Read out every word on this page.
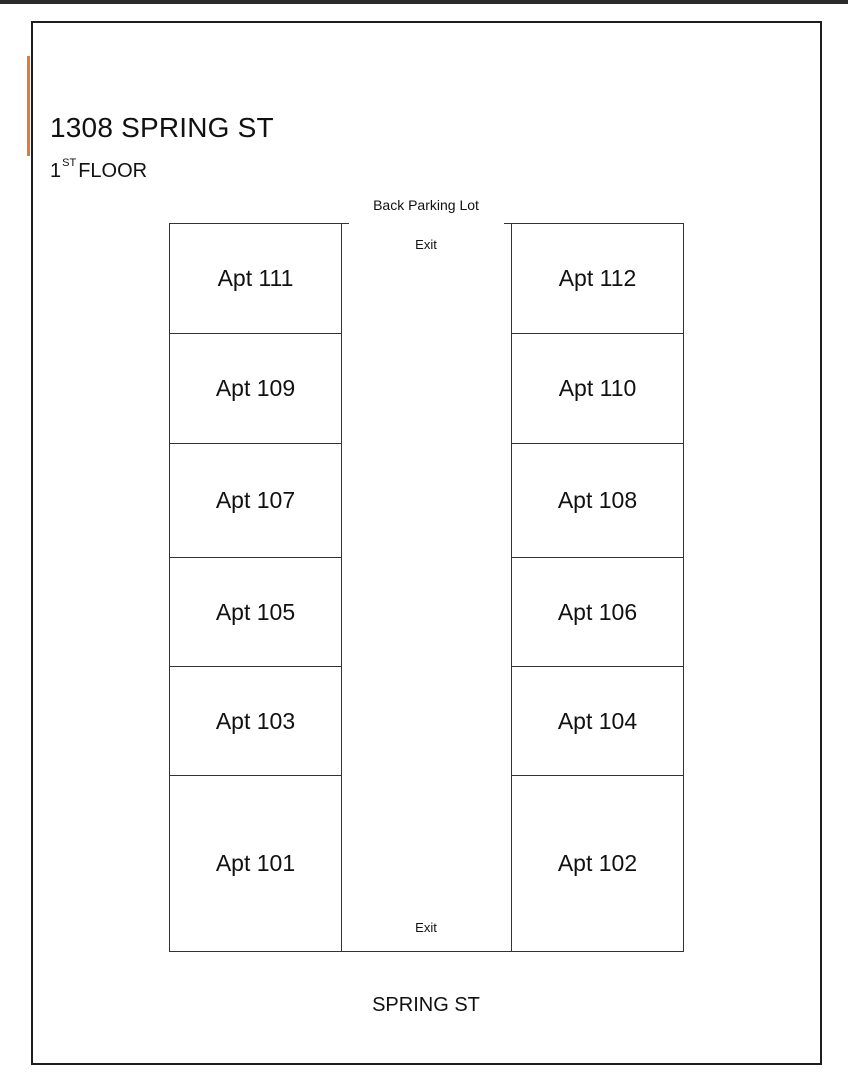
1308 SPRING ST
1ST FLOOR
Back Parking Lot
Exit
Exit
Apt 111
Apt 109
Apt 107
Apt 105
Apt 103
Apt 101
Apt 112
Apt 110
Apt 108
Apt 106
Apt 104
Apt 102
SPRING ST
